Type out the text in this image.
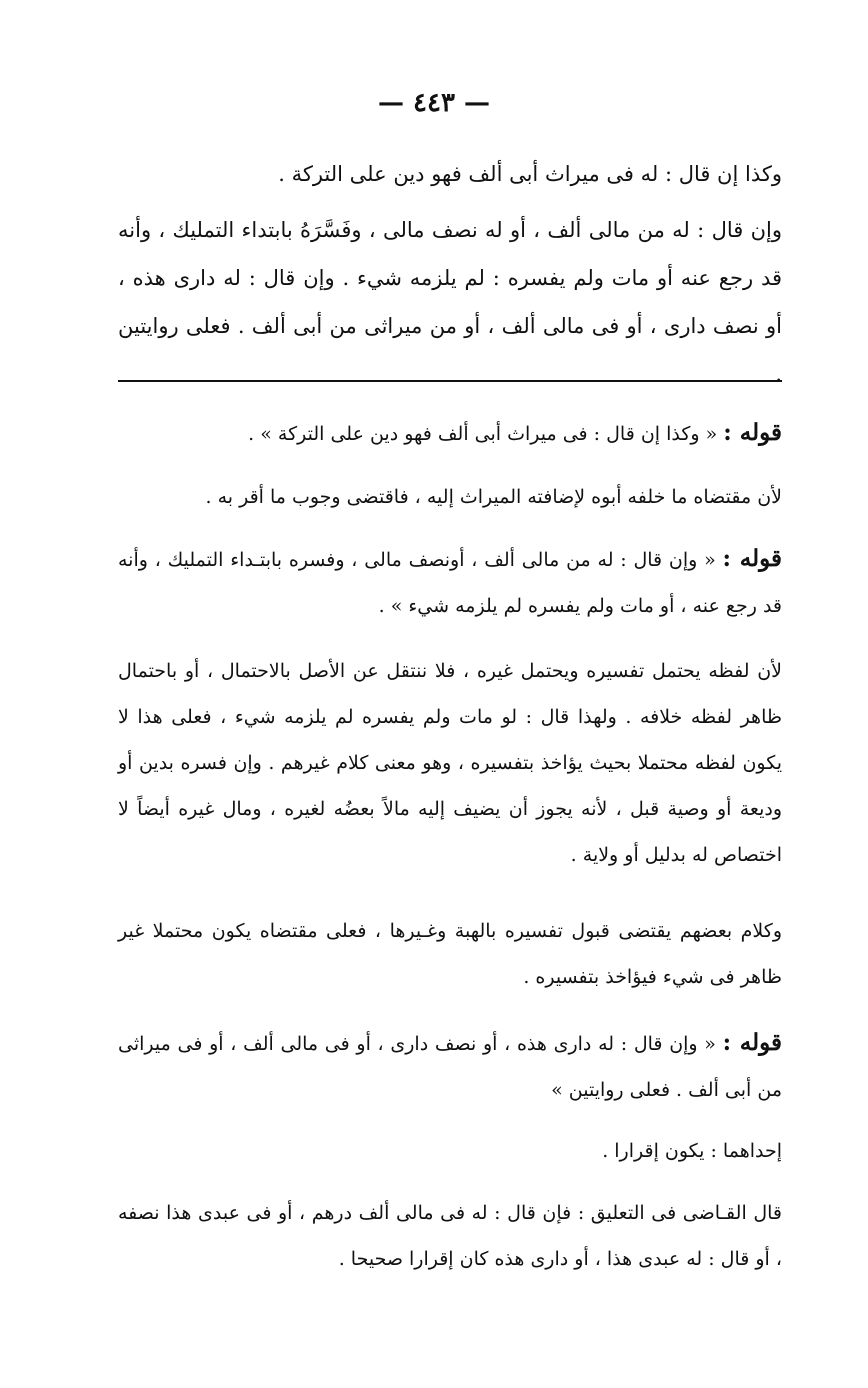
— ٤٤٣ —
وكذا إن قال : له فى ميراث أبى ألف فهو دين على التركة .
وإن قال : له من مالى ألف ، أو له نصف مالى ، وفَسَّرَهُ بابتداء التمليك ، وأنه قد رجع عنه أو مات ولم يفسره : لم يلزمه شيء . وإن قال : له دارى هذه ، أو نصف دارى ، أو فى مالى ألف ، أو من ميراثى من أبى ألف . فعلى روايتين .
قوله : « وكذا إن قال : فى ميراث أبى ألف فهو دين على التركة » .
لأن مقتضاه ما خلفه أبوه لإضافته الميراث إليه ، فاقتضى وجوب ما أقر به .
قوله : « وإن قال : له من مالى ألف ، أونصف مالى ، وفسره بابتـداء التمليك ، وأنه قد رجع عنه ، أو مات ولم يفسره لم يلزمه شيء » .
لأن لفظه يحتمل تفسيره ويحتمل غيره ، فلا ننتقل عن الأصل بالاحتمال ، أو باحتمال ظاهر لفظه خلافه . ولهذا قال : لو مات ولم يفسره لم يلزمه شيء ، فعلى هذا لا يكون لفظه محتملا بحيث يؤاخذ بتفسيره ، وهو معنى كلام غيرهم . وإن فسره بدين أو وديعة أو وصية قبل ، لأنه يجوز أن يضيف إليه مالاً بعضُه لغيره ، ومال غيره أيضاً لا اختصاص له بدليل أو ولاية .
وكلام بعضهم يقتضى قبول تفسيره بالهبة وغـيرها ، فعلى مقتضاه يكون محتملا غير ظاهر فى شيء فيؤاخذ بتفسيره .
قوله : « وإن قال : له دارى هذه ، أو نصف دارى ، أو فى مالى ألف ، أو فى ميراثى من أبى ألف . فعلى روايتين »
إحداهما : يكون إقرارا .
قال القـاضى فى التعليق : فإن قال : له فى مالى ألف درهم ، أو فى عبدى هذا نصفه ، أو قال : له عبدى هذا ، أو دارى هذه كان إقرارا صحيحا .
